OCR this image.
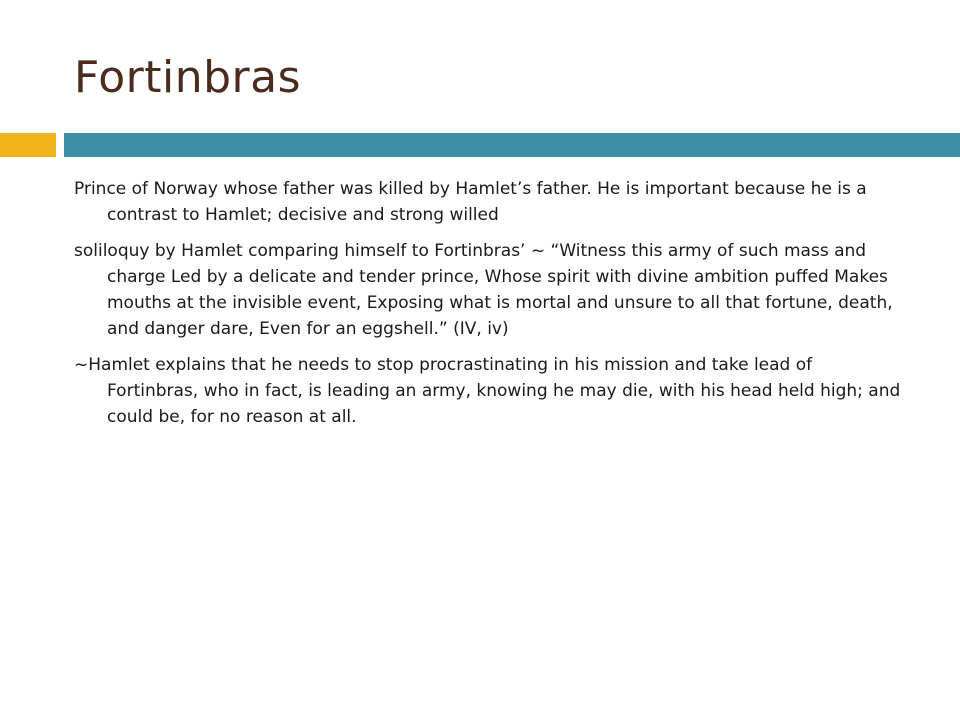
Fortinbras

Prince of Norway whose father was killed by Hamlet’s father. He is important because he is a contrast to Hamlet; decisive and strong willed

soliloquy by Hamlet comparing himself to Fortinbras’ ~ “Witness this army of such mass and charge Led by a delicate and tender prince, Whose spirit with divine ambition puffed Makes mouths at the invisible event, Exposing what is mortal and unsure to all that fortune, death, and danger dare, Even for an eggshell.” (IV, iv)

~Hamlet explains that he needs to stop procrastinating in his mission and take lead of Fortinbras, who in fact, is leading an army, knowing he may die, with his head held high; and could be, for no reason at all.
